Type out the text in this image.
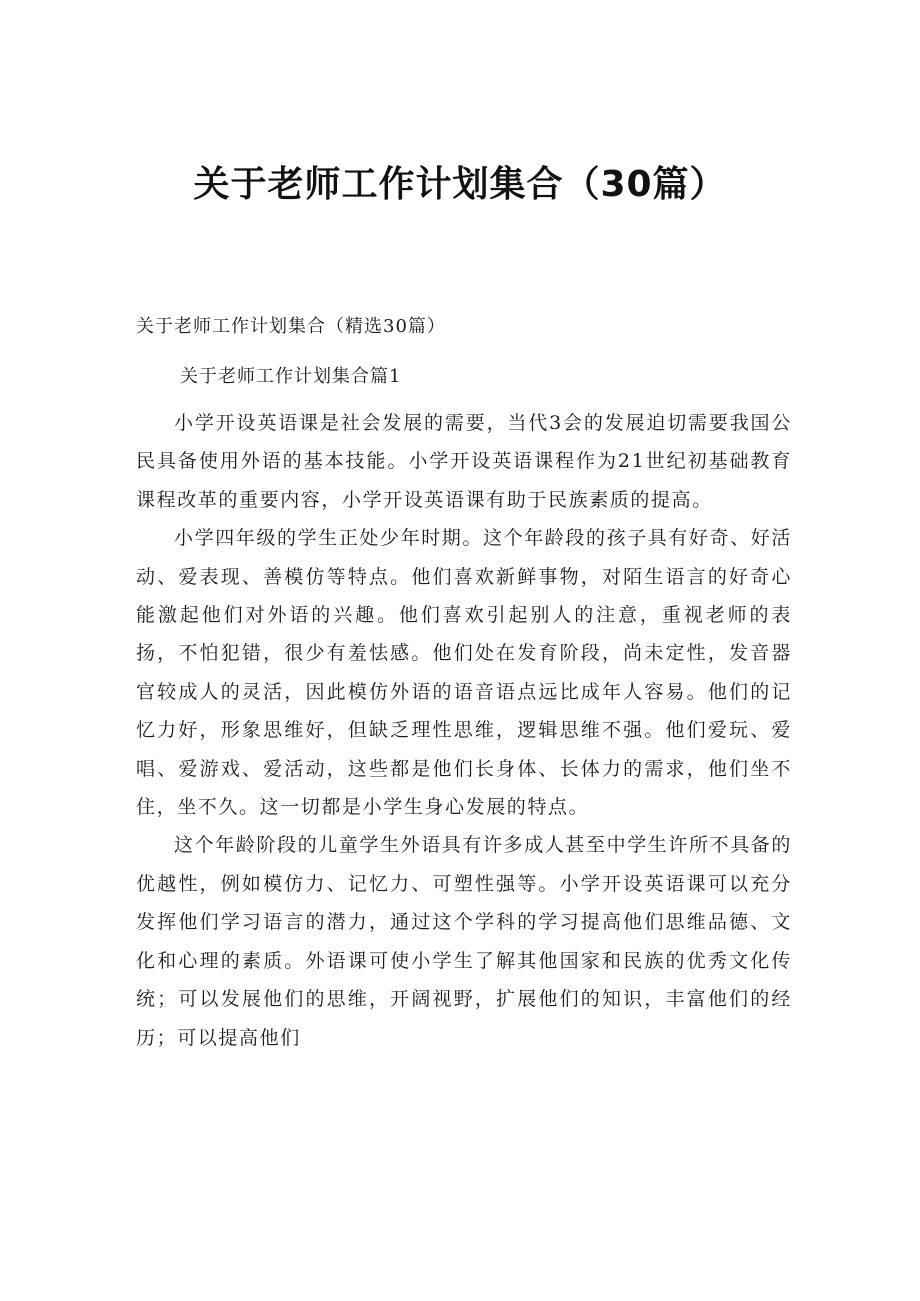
关于老师工作计划集合（30篇）
关于老师工作计划集合（精选30篇）
关于老师工作计划集合篇1

小学开设英语课是社会发展的需要，当代3会的发展迫切需要我国公民具备使用外语的基本技能。小学开设英语课程作为21世纪初基础教育课程改革的重要内容，小学开设英语课有助于民族素质的提高。

小学四年级的学生正处少年时期。这个年龄段的孩子具有好奇、好活动、爱表现、善模仿等特点。他们喜欢新鲜事物，对陌生语言的好奇心能激起他们对外语的兴趣。他们喜欢引起别人的注意，重视老师的表扬，不怕犯错，很少有羞怯感。他们处在发育阶段，尚未定性，发音器官较成人的灵活，因此模仿外语的语音语点远比成年人容易。他们的记忆力好，形象思维好，但缺乏理性思维，逻辑思维不强。他们爱玩、爱唱、爱游戏、爱活动，这些都是他们长身体、长体力的需求，他们坐不住，坐不久。这一切都是小学生身心发展的特点。

这个年龄阶段的儿童学生外语具有许多成人甚至中学生许所不具备的优越性，例如模仿力、记忆力、可塑性强等。小学开设英语课可以充分发挥他们学习语言的潜力，通过这个学科的学习提高他们思维品德、文化和心理的素质。外语课可使小学生了解其他国家和民族的优秀文化传统；可以发展他们的思维，开阔视野，扩展他们的知识，丰富他们的经历；可以提高他们
